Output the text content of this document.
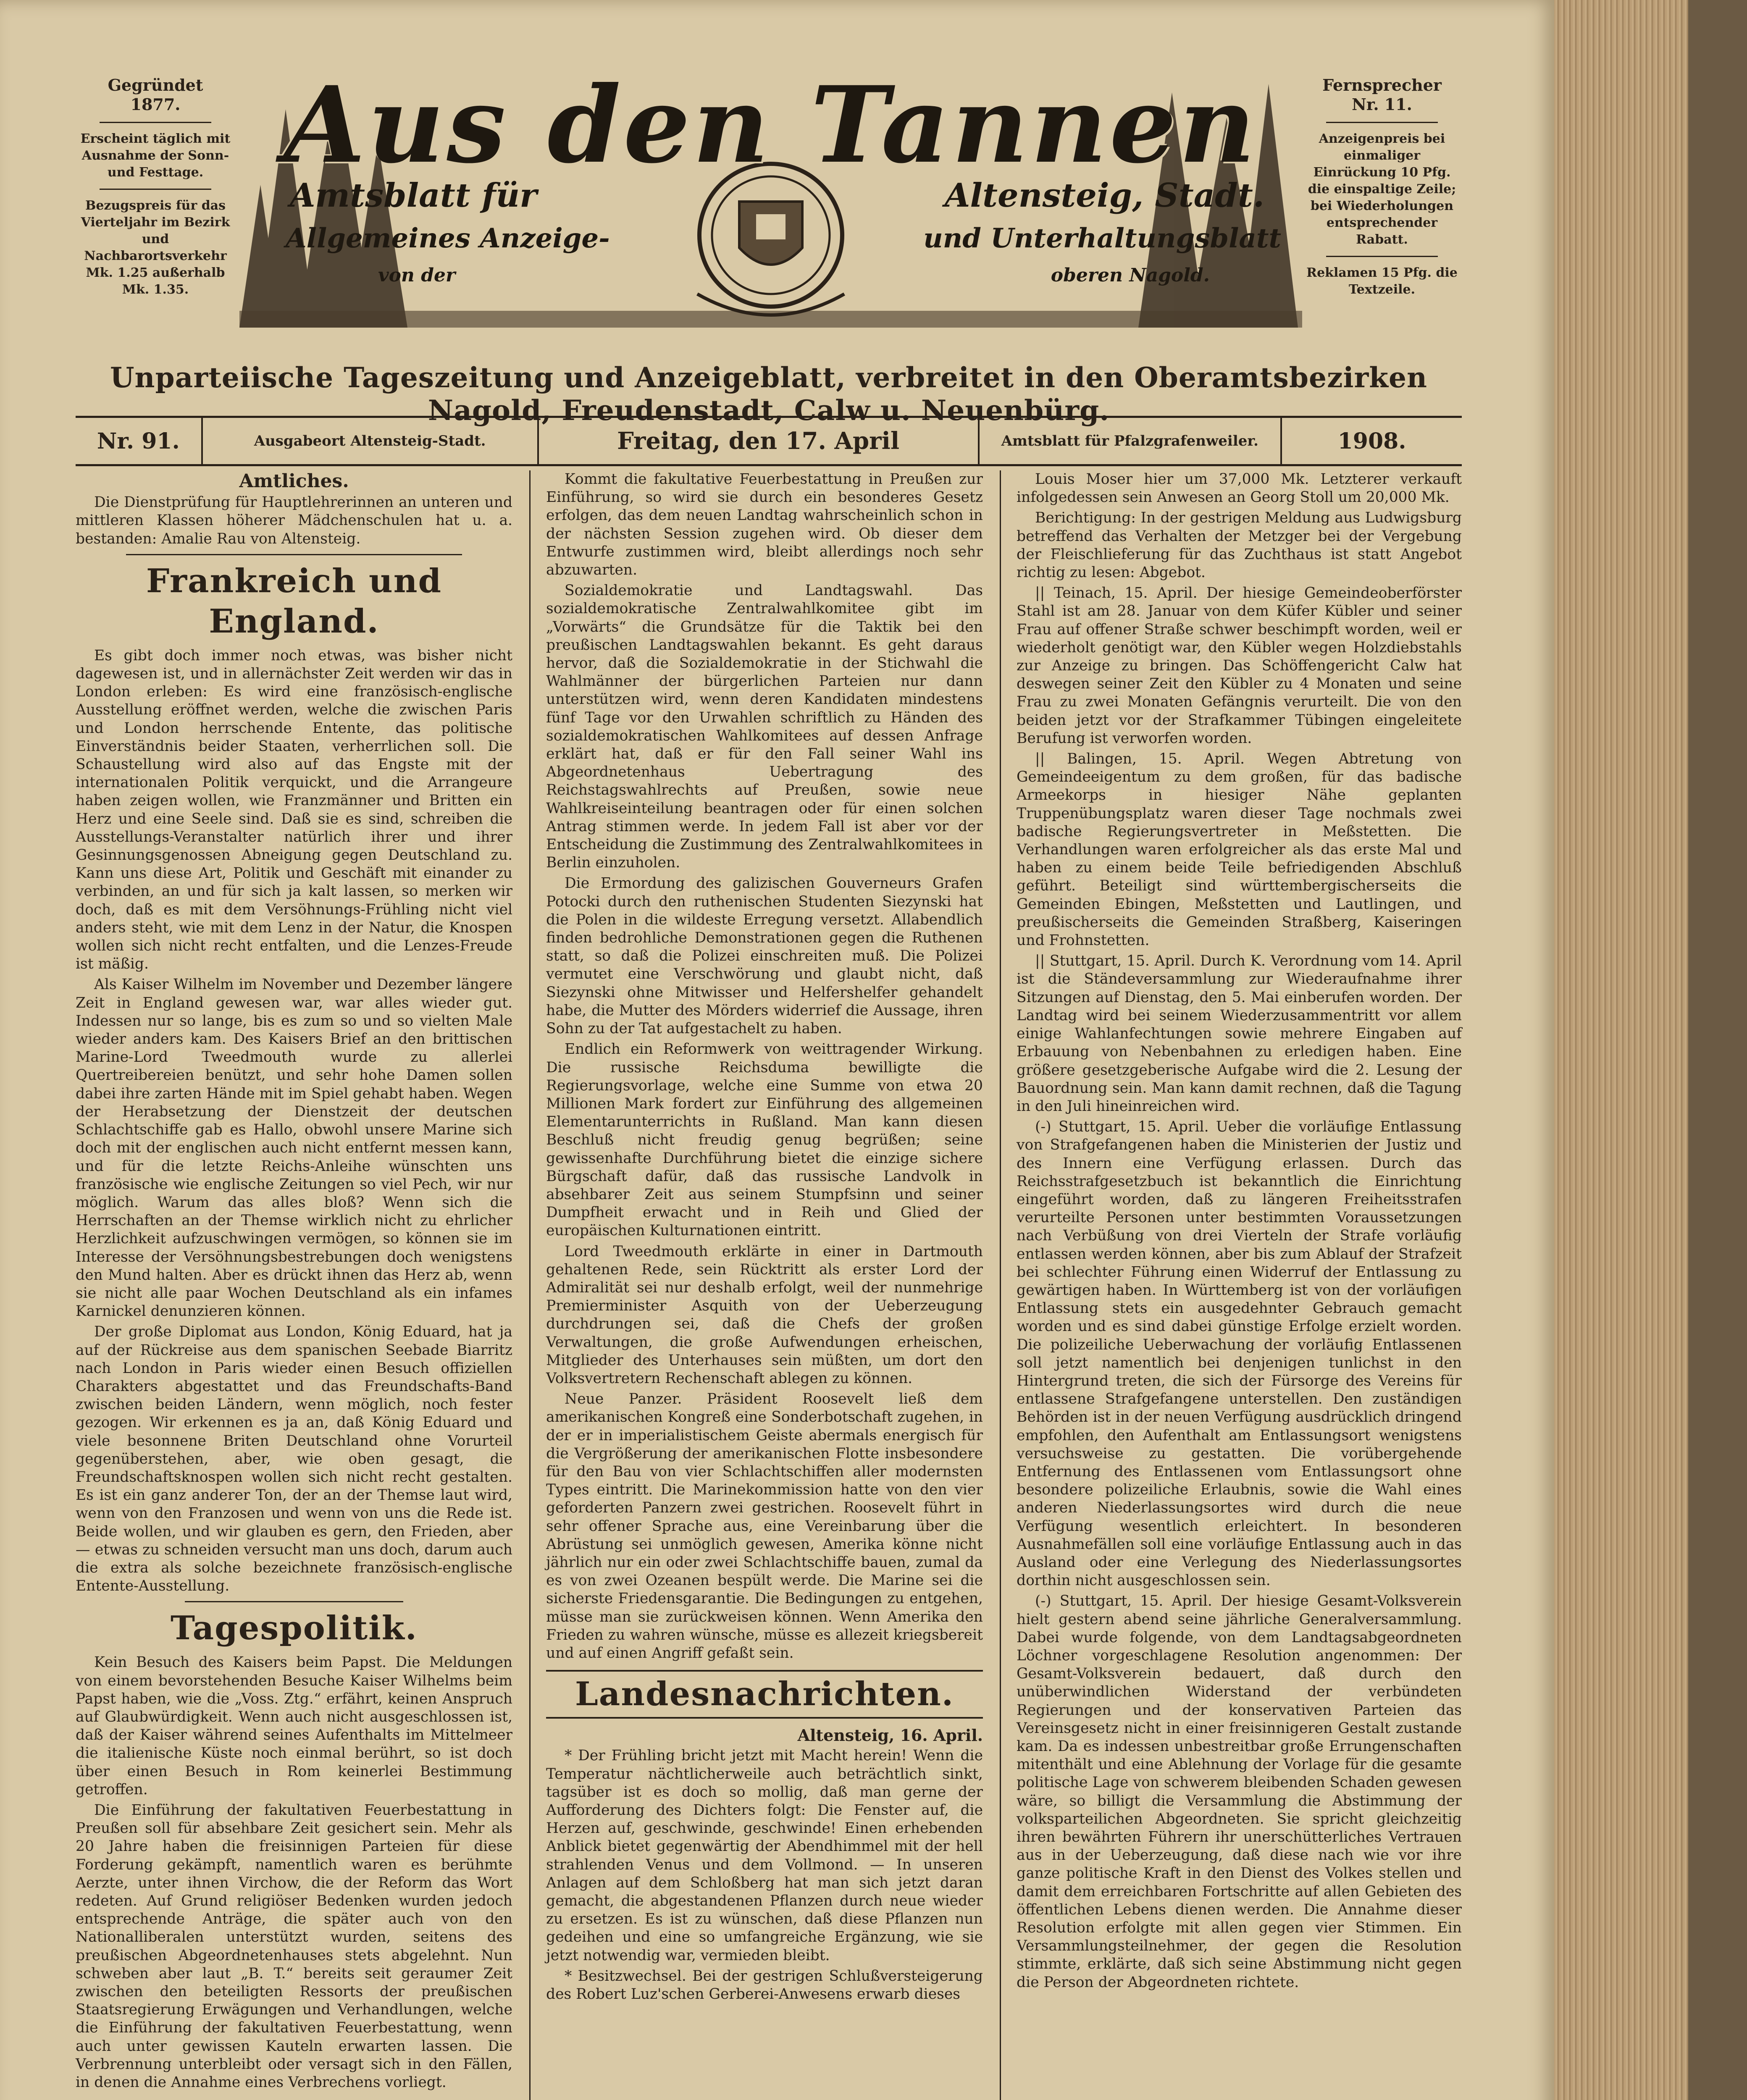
Gegründet
1877.
Erscheint täglich mit Ausnahme der Sonn- und Festtage.
Bezugspreis für das Vierteljahr im Bezirk und Nachbarortsverkehr Mk. 1.25 außerhalb Mk. 1.35.
Aus den Tannen
Amtsblatt für	Altensteig, Stadt.
Allgemeines Anzeige-	und Unterhaltungsblatt
von der	oberen Nagold.
Fernsprecher
Nr. 11.
Anzeigenpreis bei einmaliger Einrückung 10 Pfg. die einspaltige Zeile; bei Wiederholungen entsprechender Rabatt.
Reklamen 15 Pfg. die Textzeile.
Unparteiische Tageszeitung und Anzeigeblatt, verbreitet in den Oberamtsbezirken Nagold, Freudenstadt, Calw u. Neuenbürg.
Nr. 91.	Ausgabeort Altensteig-Stadt.	Freitag, den 17. April	Amtsblatt für Pfalzgrafenweiler.	1908.
Amtliches.

Die Dienstprüfung für Hauptlehrerinnen an unteren und mittleren Klassen höherer Mädchenschulen hat u. a. bestanden: Amalie Rau von Altensteig.

Frankreich und England.

Es gibt doch immer noch etwas, was bisher nicht dagewesen ist, und in allernächster Zeit werden wir das in London erleben: Es wird eine französisch-englische Ausstellung eröffnet werden, welche die zwischen Paris und London herrschende Entente, das politische Einverständnis beider Staaten, verherrlichen soll. Die Schaustellung wird also auf das Engste mit der internationalen Politik verquickt, und die Arrangeure haben zeigen wollen, wie Franzmänner und Britten ein Herz und eine Seele sind. Daß sie es sind, schreiben die Ausstellungs-Veranstalter natürlich ihrer und ihrer Gesinnungsgenossen Abneigung gegen Deutschland zu. Kann uns diese Art, Politik und Geschäft mit einander zu verbinden, an und für sich ja kalt lassen, so merken wir doch, daß es mit dem Versöhnungs-Frühling nicht viel anders steht, wie mit dem Lenz in der Natur, die Knospen wollen sich nicht recht entfalten, und die Lenzes-Freude ist mäßig.

Als Kaiser Wilhelm im November und Dezember längere Zeit in England gewesen war, war alles wieder gut. Indessen nur so lange, bis es zum so und so vielten Male wieder anders kam. Des Kaisers Brief an den brittischen Marine-Lord Tweedmouth wurde zu allerlei Quertreibereien benützt, und sehr hohe Damen sollen dabei ihre zarten Hände mit im Spiel gehabt haben. Wegen der Herabsetzung der Dienstzeit der deutschen Schlachtschiffe gab es Hallo, obwohl unsere Marine sich doch mit der englischen auch nicht entfernt messen kann, und für die letzte Reichs-Anleihe wünschten uns französische wie englische Zeitungen so viel Pech, wir nur möglich. Warum das alles bloß? Wenn sich die Herrschaften an der Themse wirklich nicht zu ehrlicher Herzlichkeit aufzuschwingen vermögen, so können sie im Interesse der Versöhnungsbestrebungen doch wenigstens den Mund halten. Aber es drückt ihnen das Herz ab, wenn sie nicht alle paar Wochen Deutschland als ein infames Karnickel denunzieren können.

Der große Diplomat aus London, König Eduard, hat ja auf der Rückreise aus dem spanischen Seebade Biarritz nach London in Paris wieder einen Besuch offiziellen Charakters abgestattet und das Freundschafts-Band zwischen beiden Ländern, wenn möglich, noch fester gezogen. Wir erkennen es ja an, daß König Eduard und viele besonnene Briten Deutschland ohne Vorurteil gegenüberstehen, aber, wie oben gesagt, die Freundschaftsknospen wollen sich nicht recht gestalten. Es ist ein ganz anderer Ton, der an der Themse laut wird, wenn von den Franzosen und wenn von uns die Rede ist. Beide wollen, und wir glauben es gern, den Frieden, aber — etwas zu schneiden versucht man uns doch, darum auch die extra als solche bezeichnete französisch-englische Entente-Ausstellung.

Tagespolitik.

Kein Besuch des Kaisers beim Papst. Die Meldungen von einem bevorstehenden Besuche Kaiser Wilhelms beim Papst haben, wie die „Voss. Ztg.“ erfährt, keinen Anspruch auf Glaubwürdigkeit. Wenn auch nicht ausgeschlossen ist, daß der Kaiser während seines Aufenthalts im Mittelmeer die italienische Küste noch einmal berührt, so ist doch über einen Besuch in Rom keinerlei Bestimmung getroffen.

Die Einführung der fakultativen Feuerbestattung in Preußen soll für absehbare Zeit gesichert sein. Mehr als 20 Jahre haben die freisinnigen Parteien für diese Forderung gekämpft, namentlich waren es berühmte Aerzte, unter ihnen Virchow, die der Reform das Wort redeten. Auf Grund religiöser Bedenken wurden jedoch entsprechende Anträge, die später auch von den Nationalliberalen unterstützt wurden, seitens des preußischen Abgeordnetenhauses stets abgelehnt. Nun schweben aber laut „B. T.“ bereits seit geraumer Zeit zwischen den beteiligten Ressorts der preußischen Staatsregierung Erwägungen und Verhandlungen, welche die Einführung der fakultativen Feuerbestattung, wenn auch unter gewissen Kauteln erwarten lassen. Die Verbrennung unterbleibt oder versagt sich in den Fällen, in denen die Annahme eines Verbrechens vorliegt.

Kommt die fakultative Feuerbestattung in Preußen zur Einführung, so wird sie durch ein besonderes Gesetz erfolgen, das dem neuen Landtag wahrscheinlich schon in der nächsten Session zugehen wird. Ob dieser dem Entwurfe zustimmen wird, bleibt allerdings noch sehr abzuwarten.

Sozialdemokratie und Landtagswahl. Das sozialdemokratische Zentralwahlkomitee gibt im „Vorwärts“ die Grundsätze für die Taktik bei den preußischen Landtagswahlen bekannt. Es geht daraus hervor, daß die Sozialdemokratie in der Stichwahl die Wahlmänner der bürgerlichen Parteien nur dann unterstützen wird, wenn deren Kandidaten mindestens fünf Tage vor den Urwahlen schriftlich zu Händen des sozialdemokratischen Wahlkomitees auf dessen Anfrage erklärt hat, daß er für den Fall seiner Wahl ins Abgeordnetenhaus Uebertragung des Reichstagswahlrechts auf Preußen, sowie neue Wahlkreiseinteilung beantragen oder für einen solchen Antrag stimmen werde. In jedem Fall ist aber vor der Entscheidung die Zustimmung des Zentralwahlkomitees in Berlin einzuholen.

Die Ermordung des galizischen Gouverneurs Grafen Potocki durch den ruthenischen Studenten Siezynski hat die Polen in die wildeste Erregung versetzt. Allabendlich finden bedrohliche Demonstrationen gegen die Ruthenen statt, so daß die Polizei einschreiten muß. Die Polizei vermutet eine Verschwörung und glaubt nicht, daß Siezynski ohne Mitwisser und Helfershelfer gehandelt habe, die Mutter des Mörders widerrief die Aussage, ihren Sohn zu der Tat aufgestachelt zu haben.

Endlich ein Reformwerk von weittragender Wirkung. Die russische Reichsduma bewilligte die Regierungsvorlage, welche eine Summe von etwa 20 Millionen Mark fordert zur Einführung des allgemeinen Elementarunterrichts in Rußland. Man kann diesen Beschluß nicht freudig genug begrüßen; seine gewissenhafte Durchführung bietet die einzige sichere Bürgschaft dafür, daß das russische Landvolk in absehbarer Zeit aus seinem Stumpfsinn und seiner Dumpfheit erwacht und in Reih und Glied der europäischen Kulturnationen eintritt.

Lord Tweedmouth erklärte in einer in Dartmouth gehaltenen Rede, sein Rücktritt als erster Lord der Admiralität sei nur deshalb erfolgt, weil der nunmehrige Premierminister Asquith von der Ueberzeugung durchdrungen sei, daß die Chefs der großen Verwaltungen, die große Aufwendungen erheischen, Mitglieder des Unterhauses sein müßten, um dort den Volksvertretern Rechenschaft ablegen zu können.

Neue Panzer. Präsident Roosevelt ließ dem amerikanischen Kongreß eine Sonderbotschaft zugehen, in der er in imperialistischem Geiste abermals energisch für die Vergrößerung der amerikanischen Flotte insbesondere für den Bau von vier Schlachtschiffen aller modernsten Types eintritt. Die Marinekommission hatte von den vier geforderten Panzern zwei gestrichen. Roosevelt führt in sehr offener Sprache aus, eine Vereinbarung über die Abrüstung sei unmöglich gewesen, Amerika könne nicht jährlich nur ein oder zwei Schlachtschiffe bauen, zumal da es von zwei Ozeanen bespült werde. Die Marine sei die sicherste Friedensgarantie. Die Bedingungen zu entgehen, müsse man sie zurückweisen können. Wenn Amerika den Frieden zu wahren wünsche, müsse es allezeit kriegsbereit und auf einen Angriff gefaßt sein.

Landesnachrichten.
Altensteig, 16. April.

* Der Frühling bricht jetzt mit Macht herein! Wenn die Temperatur nächtlicherweile auch beträchtlich sinkt, tagsüber ist es doch so mollig, daß man gerne der Aufforderung des Dichters folgt: Die Fenster auf, die Herzen auf, geschwinde, geschwinde! Einen erhebenden Anblick bietet gegenwärtig der Abendhimmel mit der hell strahlenden Venus und dem Vollmond. — In unseren Anlagen auf dem Schloßberg hat man sich jetzt daran gemacht, die abgestandenen Pflanzen durch neue wieder zu ersetzen. Es ist zu wünschen, daß diese Pflanzen nun gedeihen und eine so umfangreiche Ergänzung, wie sie jetzt notwendig war, vermieden bleibt.

* Besitzwechsel. Bei der gestrigen Schlußversteigerung des Robert Luz'schen Gerberei-Anwesens erwarb dieses

Louis Moser hier um 37,000 Mk. Letzterer verkauft infolgedessen sein Anwesen an Georg Stoll um 20,000 Mk.

Berichtigung: In der gestrigen Meldung aus Ludwigsburg betreffend das Verhalten der Metzger bei der Vergebung der Fleischlieferung für das Zuchthaus ist statt Angebot richtig zu lesen: Abgebot.

|| Teinach, 15. April. Der hiesige Gemeindeoberförster Stahl ist am 28. Januar von dem Küfer Kübler und seiner Frau auf offener Straße schwer beschimpft worden, weil er wiederholt genötigt war, den Kübler wegen Holzdiebstahls zur Anzeige zu bringen. Das Schöffengericht Calw hat deswegen seiner Zeit den Kübler zu 4 Monaten und seine Frau zu zwei Monaten Gefängnis verurteilt. Die von den beiden jetzt vor der Strafkammer Tübingen eingeleitete Berufung ist verworfen worden.

|| Balingen, 15. April. Wegen Abtretung von Gemeindeeigentum zu dem großen, für das badische Armeekorps in hiesiger Nähe geplanten Truppenübungsplatz waren dieser Tage nochmals zwei badische Regierungsvertreter in Meßstetten. Die Verhandlungen waren erfolgreicher als das erste Mal und haben zu einem beide Teile befriedigenden Abschluß geführt. Beteiligt sind württembergischerseits die Gemeinden Ebingen, Meßstetten und Lautlingen, und preußischerseits die Gemeinden Straßberg, Kaiseringen und Frohnstetten.

|| Stuttgart, 15. April. Durch K. Verordnung vom 14. April ist die Ständeversammlung zur Wiederaufnahme ihrer Sitzungen auf Dienstag, den 5. Mai einberufen worden. Der Landtag wird bei seinem Wiederzusammentritt vor allem einige Wahlanfechtungen sowie mehrere Eingaben auf Erbauung von Nebenbahnen zu erledigen haben. Eine größere gesetzgeberische Aufgabe wird die 2. Lesung der Bauordnung sein. Man kann damit rechnen, daß die Tagung in den Juli hineinreichen wird.

(-) Stuttgart, 15. April. Ueber die vorläufige Entlassung von Strafgefangenen haben die Ministerien der Justiz und des Innern eine Verfügung erlassen. Durch das Reichsstrafgesetzbuch ist bekanntlich die Einrichtung eingeführt worden, daß zu längeren Freiheitsstrafen verurteilte Personen unter bestimmten Voraussetzungen nach Verbüßung von drei Vierteln der Strafe vorläufig entlassen werden können, aber bis zum Ablauf der Strafzeit bei schlechter Führung einen Widerruf der Entlassung zu gewärtigen haben. In Württemberg ist von der vorläufigen Entlassung stets ein ausgedehnter Gebrauch gemacht worden und es sind dabei günstige Erfolge erzielt worden. Die polizeiliche Ueberwachung der vorläufig Entlassenen soll jetzt namentlich bei denjenigen tunlichst in den Hintergrund treten, die sich der Fürsorge des Vereins für entlassene Strafgefangene unterstellen. Den zuständigen Behörden ist in der neuen Verfügung ausdrücklich dringend empfohlen, den Aufenthalt am Entlassungsort wenigstens versuchsweise zu gestatten. Die vorübergehende Entfernung des Entlassenen vom Entlassungsort ohne besondere polizeiliche Erlaubnis, sowie die Wahl eines anderen Niederlassungsortes wird durch die neue Verfügung wesentlich erleichtert. In besonderen Ausnahmefällen soll eine vorläufige Entlassung auch in das Ausland oder eine Verlegung des Niederlassungsortes dorthin nicht ausgeschlossen sein.

(-) Stuttgart, 15. April. Der hiesige Gesamt-Volksverein hielt gestern abend seine jährliche Generalversammlung. Dabei wurde folgende, von dem Landtagsabgeordneten Löchner vorgeschlagene Resolution angenommen: Der Gesamt-Volksverein bedauert, daß durch den unüberwindlichen Widerstand der verbündeten Regierungen und der konservativen Parteien das Vereinsgesetz nicht in einer freisinnigeren Gestalt zustande kam. Da es indessen unbestreitbar große Errungenschaften mitenthält und eine Ablehnung der Vorlage für die gesamte politische Lage von schwerem bleibenden Schaden gewesen wäre, so billigt die Versammlung die Abstimmung der volksparteilichen Abgeordneten. Sie spricht gleichzeitig ihren bewährten Führern ihr unerschütterliches Vertrauen aus in der Ueberzeugung, daß diese nach wie vor ihre ganze politische Kraft in den Dienst des Volkes stellen und damit dem erreichbaren Fortschritte auf allen Gebieten des öffentlichen Lebens dienen werden. Die Annahme dieser Resolution erfolgte mit allen gegen vier Stimmen. Ein Versammlungsteilnehmer, der gegen die Resolution stimmte, erklärte, daß sich seine Abstimmung nicht gegen die Person der Abgeordneten richtete.
